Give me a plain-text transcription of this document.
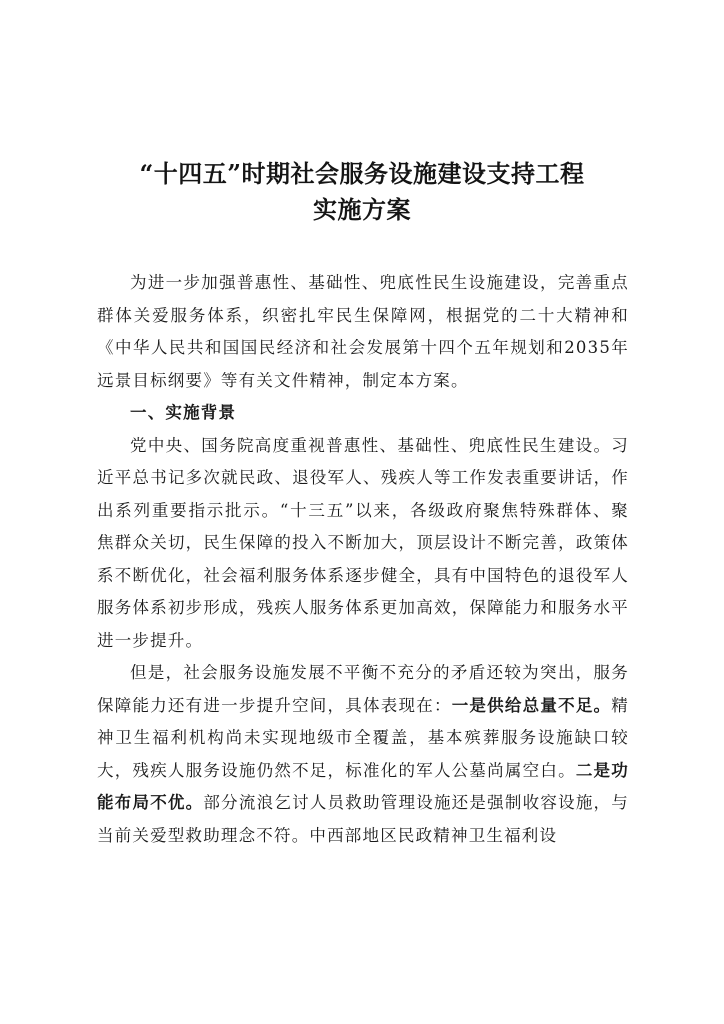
“十四五”时期社会服务设施建设支持工程
实施方案

为进一步加强普惠性、基础性、兜底性民生设施建设，完善重点群体关爱服务体系，织密扎牢民生保障网，根据党的二十大精神和《中华人民共和国国民经济和社会发展第十四个五年规划和2035年远景目标纲要》等有关文件精神，制定本方案。

一、实施背景

党中央、国务院高度重视普惠性、基础性、兜底性民生建设。习近平总书记多次就民政、退役军人、残疾人等工作发表重要讲话，作出系列重要指示批示。“十三五”以来，各级政府聚焦特殊群体、聚焦群众关切，民生保障的投入不断加大，顶层设计不断完善，政策体系不断优化，社会福利服务体系逐步健全，具有中国特色的退役军人服务体系初步形成，残疾人服务体系更加高效，保障能力和服务水平进一步提升。

但是，社会服务设施发展不平衡不充分的矛盾还较为突出，服务保障能力还有进一步提升空间，具体表现在：一是供给总量不足。精神卫生福利机构尚未实现地级市全覆盖，基本殡葬服务设施缺口较大，残疾人服务设施仍然不足，标准化的军人公墓尚属空白。二是功能布局不优。部分流浪乞讨人员救助管理设施还是强制收容设施，与当前关爱型救助理念不符。中西部地区民政精神卫生福利设
